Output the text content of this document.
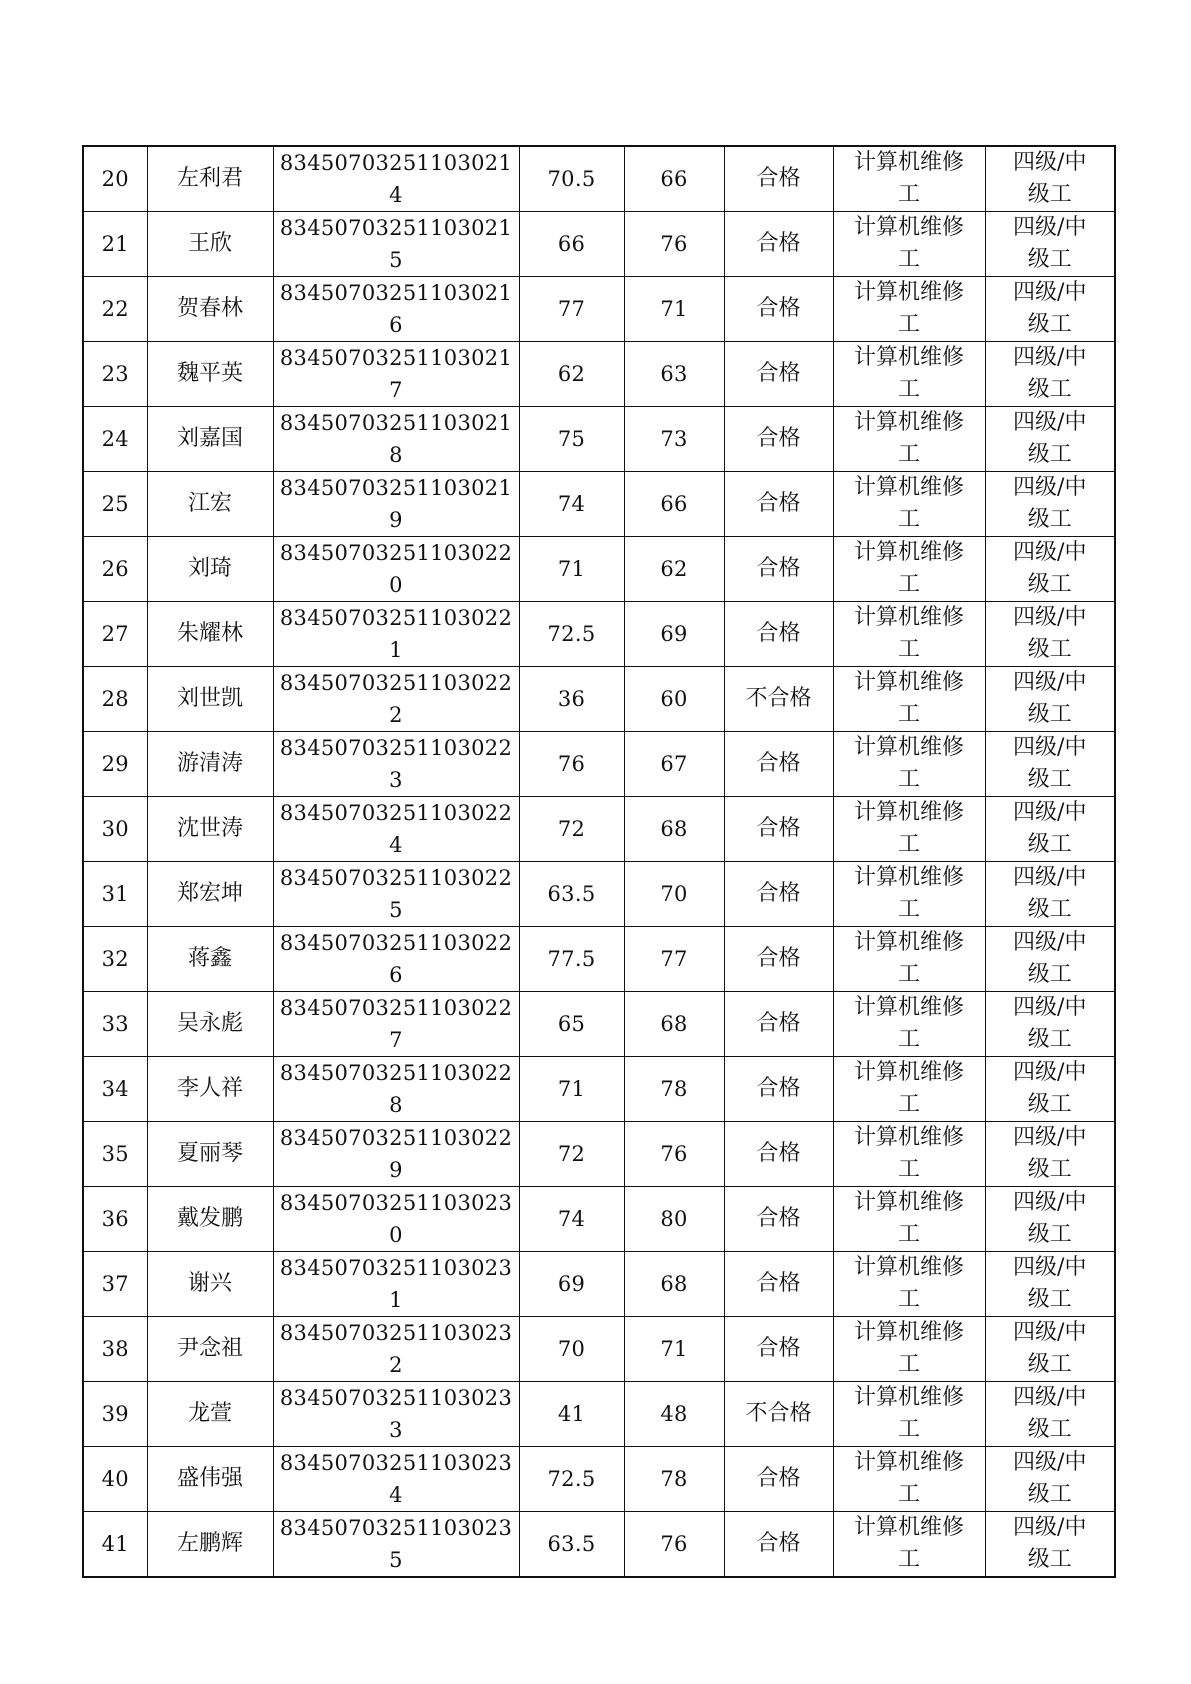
20	左利君	834507032511030214	70.5	66	合格	计算机维修工	四级/中级工
21	王欣	834507032511030215	66	76	合格	计算机维修工	四级/中级工
22	贺春林	834507032511030216	77	71	合格	计算机维修工	四级/中级工
23	魏平英	834507032511030217	62	63	合格	计算机维修工	四级/中级工
24	刘嘉国	834507032511030218	75	73	合格	计算机维修工	四级/中级工
25	江宏	834507032511030219	74	66	合格	计算机维修工	四级/中级工
26	刘琦	834507032511030220	71	62	合格	计算机维修工	四级/中级工
27	朱耀林	834507032511030221	72.5	69	合格	计算机维修工	四级/中级工
28	刘世凯	834507032511030222	36	60	不合格	计算机维修工	四级/中级工
29	游清涛	834507032511030223	76	67	合格	计算机维修工	四级/中级工
30	沈世涛	834507032511030224	72	68	合格	计算机维修工	四级/中级工
31	郑宏坤	834507032511030225	63.5	70	合格	计算机维修工	四级/中级工
32	蒋鑫	834507032511030226	77.5	77	合格	计算机维修工	四级/中级工
33	吴永彪	834507032511030227	65	68	合格	计算机维修工	四级/中级工
34	李人祥	834507032511030228	71	78	合格	计算机维修工	四级/中级工
35	夏丽琴	834507032511030229	72	76	合格	计算机维修工	四级/中级工
36	戴发鹏	834507032511030230	74	80	合格	计算机维修工	四级/中级工
37	谢兴	834507032511030231	69	68	合格	计算机维修工	四级/中级工
38	尹念祖	834507032511030232	70	71	合格	计算机维修工	四级/中级工
39	龙萱	834507032511030233	41	48	不合格	计算机维修工	四级/中级工
40	盛伟强	834507032511030234	72.5	78	合格	计算机维修工	四级/中级工
41	左鹏辉	834507032511030235	63.5	76	合格	计算机维修工	四级/中级工
